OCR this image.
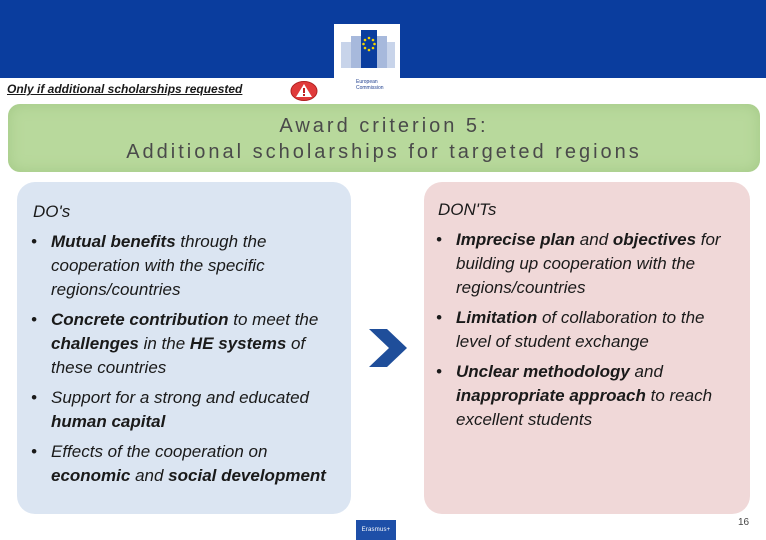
European
Commission
Only if additional scholarships requested
Award criterion 5:
Additional scholarships for targeted regions
DO's
• Mutual benefits through the cooperation with the specific regions/countries
• Concrete contribution to meet the challenges in the HE systems of these countries
• Support for a strong and educated human capital
• Effects of the cooperation on economic and social development
DON'Ts
• Imprecise plan and objectives for building up cooperation with the regions/countries
• Limitation of collaboration to the level of student exchange
• Unclear methodology and inappropriate approach to reach excellent students
Erasmus+
16
